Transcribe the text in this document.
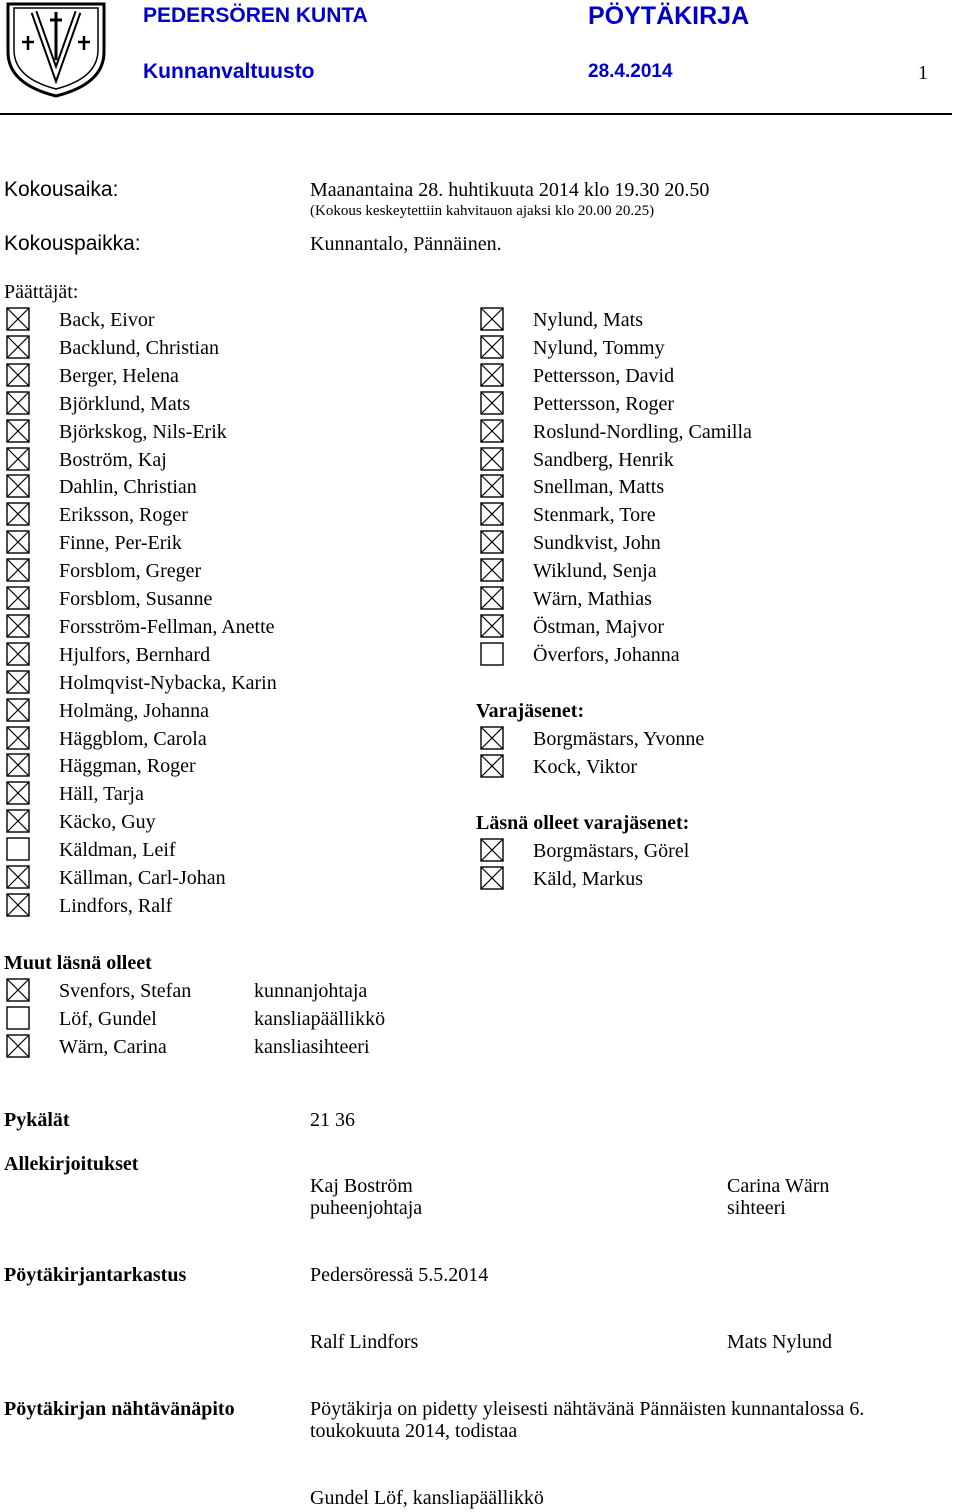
PEDERSÖREN KUNTA	PÖYTÄKIRJA
Kunnanvaltuusto	28.4.2014	1
Kokousaika:	Maanantaina 28. huhtikuuta 2014 klo 19.30 20.50
(Kokous keskeytettiin kahvitauon ajaksi klo 20.00 20.25)
Kokouspaikka:	Kunnantalo, Pännäinen.
Päättäjät:
Back, Eivor
Backlund, Christian
Berger, Helena
Björklund, Mats
Björkskog, Nils-Erik
Boström, Kaj
Dahlin, Christian
Eriksson, Roger
Finne, Per-Erik
Forsblom, Greger
Forsblom, Susanne
Forsström-Fellman, Anette
Hjulfors, Bernhard
Holmqvist-Nybacka, Karin
Holmäng, Johanna
Häggblom, Carola
Häggman, Roger
Häll, Tarja
Käcko, Guy
Käldman, Leif
Källman, Carl-Johan
Lindfors, Ralf
Nylund, Mats
Nylund, Tommy
Pettersson, David
Pettersson, Roger
Roslund-Nordling, Camilla
Sandberg, Henrik
Snellman, Matts
Stenmark, Tore
Sundkvist, John
Wiklund, Senja
Wärn, Mathias
Östman, Majvor
Överfors, Johanna
Borgmästars, Yvonne
Kock, Viktor
Borgmästars, Görel
Käld, Markus
Svenfors, Stefan	kunnanjohtaja
Löf, Gundel	kansliapäällikkö
Wärn, Carina	kansliasihteeri
Varajäsenet:
Läsnä olleet varajäsenet:
Muut läsnä olleet
Pykälät	21 36
Allekirjoitukset
Kaj Boström
puheenjohtaja
Carina Wärn
sihteeri
Pöytäkirjantarkastus	Pedersöressä 5.5.2014
Ralf Lindfors	Mats Nylund
Pöytäkirjan nähtävänäpito	Pöytäkirja on pidetty yleisesti nähtävänä Pännäisten kunnantalossa 6.
toukokuuta 2014, todistaa
Gundel Löf, kansliapäällikkö
